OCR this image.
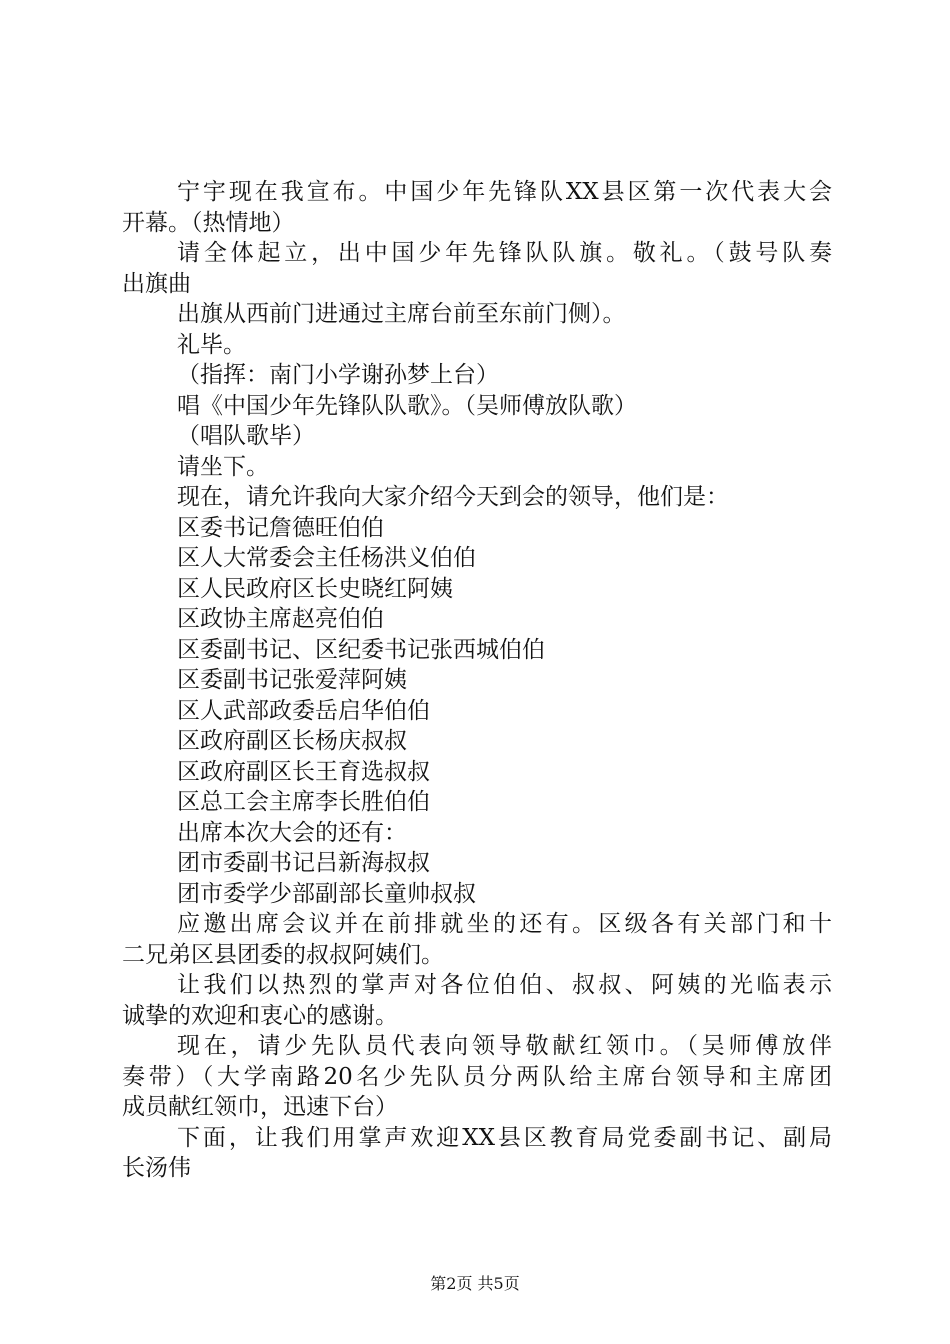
宁宇现在我宣布。中国少年先锋队XX县区第一次代表大会
开幕。（热情地）
请全体起立，出中国少年先锋队队旗。敬礼。（鼓号队奏
出旗曲
出旗从西前门进通过主席台前至东前门侧）。
礼毕。
（指挥：南门小学谢孙梦上台）
唱《中国少年先锋队队歌》。（吴师傅放队歌）
（唱队歌毕）
请坐下。
现在，请允许我向大家介绍今天到会的领导，他们是：
区委书记詹德旺伯伯
区人大常委会主任杨洪义伯伯
区人民政府区长史晓红阿姨
区政协主席赵亮伯伯
区委副书记、区纪委书记张西城伯伯
区委副书记张爱萍阿姨
区人武部政委岳启华伯伯
区政府副区长杨庆叔叔
区政府副区长王育选叔叔
区总工会主席李长胜伯伯
出席本次大会的还有：
团市委副书记吕新海叔叔
团市委学少部副部长童帅叔叔
应邀出席会议并在前排就坐的还有。区级各有关部门和十
二兄弟区县团委的叔叔阿姨们。
让我们以热烈的掌声对各位伯伯、叔叔、阿姨的光临表示
诚挚的欢迎和衷心的感谢。
现在，请少先队员代表向领导敬献红领巾。（吴师傅放伴
奏带）（大学南路20名少先队员分两队给主席台领导和主席团
成员献红领巾，迅速下台）
下面，让我们用掌声欢迎XX县区教育局党委副书记、副局
长汤伟
第2页 共5页
